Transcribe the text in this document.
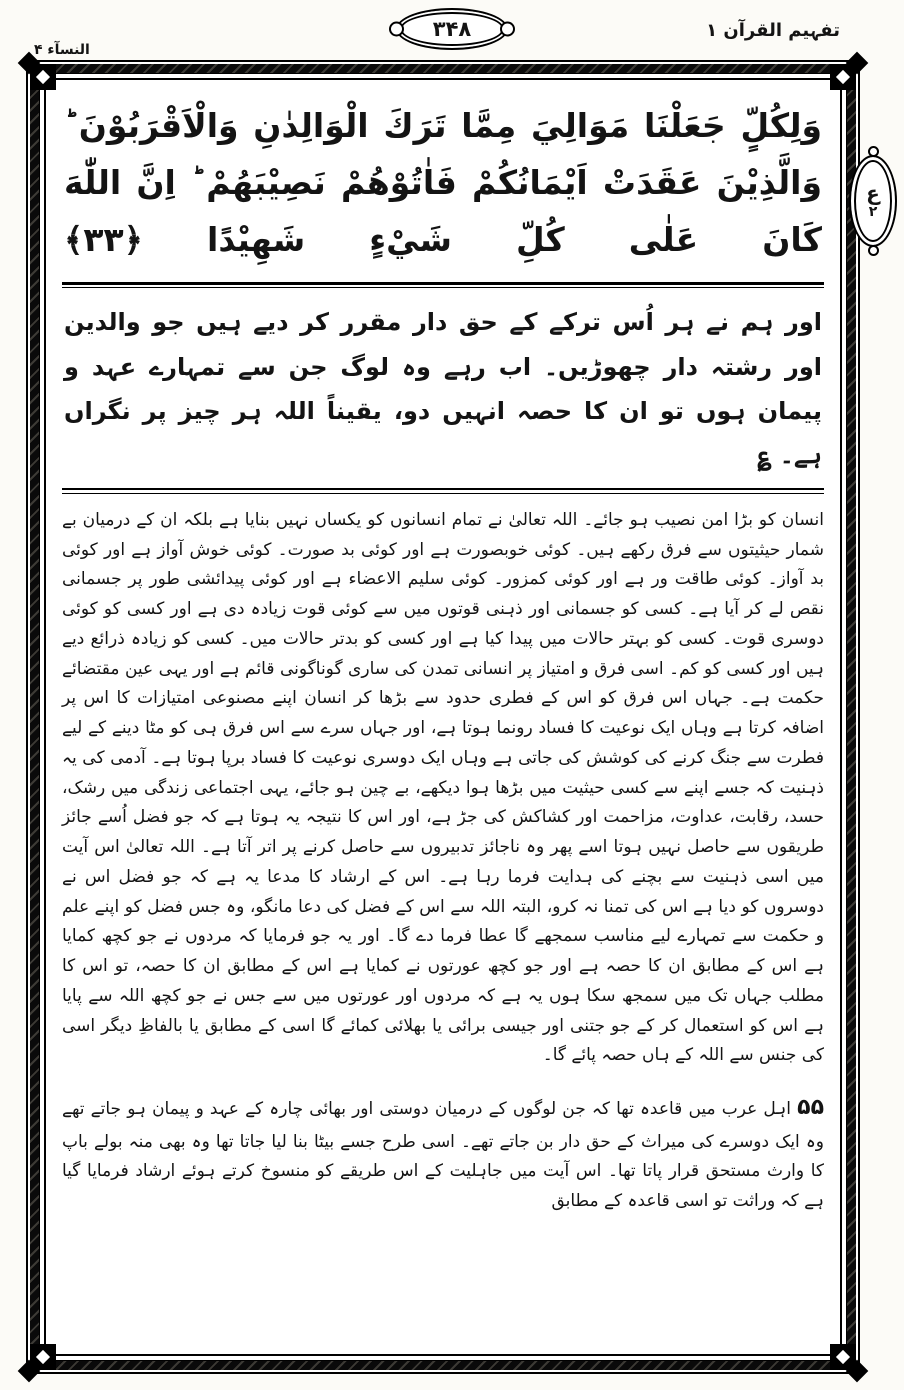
تفہیم القرآن ۱
النسآء ۴
۳۴۸
ع
۲
وَلِكُلٍّ جَعَلْنَا مَوَالِيَ مِمَّا تَرَكَ الْوَالِدٰنِ وَالْاَقْرَبُوْنَ ؕ وَالَّذِيْنَ عَقَدَتْ اَيْمَانُكُمْ فَاٰتُوْهُمْ نَصِيْبَهُمْ ؕ اِنَّ اللّٰهَ كَانَ عَلٰى كُلِّ شَيْءٍ شَهِيْدًا ﴿۳۳﴾
اور ہم نے ہر اُس ترکے کے حق دار مقرر کر دیے ہیں جو والدین اور رشتہ دار چھوڑیں۔ اب رہے وہ لوگ جن سے تمہارے عہد و پیمان ہوں تو ان کا حصہ انہیں دو، یقیناً اللہ ہر چیز پر نگراں ہے۔ ؏

انسان کو بڑا امن نصیب ہو جائے۔ اللہ تعالیٰ نے تمام انسانوں کو یکساں نہیں بنایا ہے بلکہ ان کے درمیان بے شمار حیثیتوں سے فرق رکھے ہیں۔ کوئی خوبصورت ہے اور کوئی بد صورت۔ کوئی خوش آواز ہے اور کوئی بد آواز۔ کوئی طاقت ور ہے اور کوئی کمزور۔ کوئی سلیم الاعضاء ہے اور کوئی پیدائشی طور پر جسمانی نقص لے کر آیا ہے۔ کسی کو جسمانی اور ذہنی قوتوں میں سے کوئی قوت زیادہ دی ہے اور کسی کو کوئی دوسری قوت۔ کسی کو بہتر حالات میں پیدا کیا ہے اور کسی کو بدتر حالات میں۔ کسی کو زیادہ ذرائع دیے ہیں اور کسی کو کم۔ اسی فرق و امتیاز پر انسانی تمدن کی ساری گوناگونی قائم ہے اور یہی عین مقتضائے حکمت ہے۔ جہاں اس فرق کو اس کے فطری حدود سے بڑھا کر انسان اپنے مصنوعی امتیازات کا اس پر اضافہ کرتا ہے وہاں ایک نوعیت کا فساد رونما ہوتا ہے، اور جہاں سرے سے اس فرق ہی کو مٹا دینے کے لیے فطرت سے جنگ کرنے کی کوشش کی جاتی ہے وہاں ایک دوسری نوعیت کا فساد برپا ہوتا ہے۔ آدمی کی یہ ذہنیت کہ جسے اپنے سے کسی حیثیت میں بڑھا ہوا دیکھے، بے چین ہو جائے، یہی اجتماعی زندگی میں رشک، حسد، رقابت، عداوت، مزاحمت اور کشاکش کی جڑ ہے، اور اس کا نتیجہ یہ ہوتا ہے کہ جو فضل اُسے جائز طریقوں سے حاصل نہیں ہوتا اسے پھر وہ ناجائز تدبیروں سے حاصل کرنے پر اتر آتا ہے۔ اللہ تعالیٰ اس آیت میں اسی ذہنیت سے بچنے کی ہدایت فرما رہا ہے۔ اس کے ارشاد کا مدعا یہ ہے کہ جو فضل اس نے دوسروں کو دیا ہے اس کی تمنا نہ کرو، البتہ اللہ سے اس کے فضل کی دعا مانگو، وہ جس فضل کو اپنے علم و حکمت سے تمہارے لیے مناسب سمجھے گا عطا فرما دے گا۔ اور یہ جو فرمایا کہ مردوں نے جو کچھ کمایا ہے اس کے مطابق ان کا حصہ ہے اور جو کچھ عورتوں نے کمایا ہے اس کے مطابق ان کا حصہ، تو اس کا مطلب جہاں تک میں سمجھ سکا ہوں یہ ہے کہ مردوں اور عورتوں میں سے جس نے جو کچھ اللہ سے پایا ہے اس کو استعمال کر کے جو جتنی اور جیسی برائی یا بھلائی کمائے گا اسی کے مطابق یا بالفاظِ دیگر اسی کی جنس سے اللہ کے ہاں حصہ پائے گا۔

۵۵ اہل عرب میں قاعدہ تھا کہ جن لوگوں کے درمیان دوستی اور بھائی چارہ کے عہد و پیمان ہو جاتے تھے وہ ایک دوسرے کی میراث کے حق دار بن جاتے تھے۔ اسی طرح جسے بیٹا بنا لیا جاتا تھا وہ بھی منہ بولے باپ کا وارث مستحق قرار پاتا تھا۔ اس آیت میں جاہلیت کے اس طریقے کو منسوخ کرتے ہوئے ارشاد فرمایا گیا ہے کہ وراثت تو اسی قاعدہ کے مطابق
